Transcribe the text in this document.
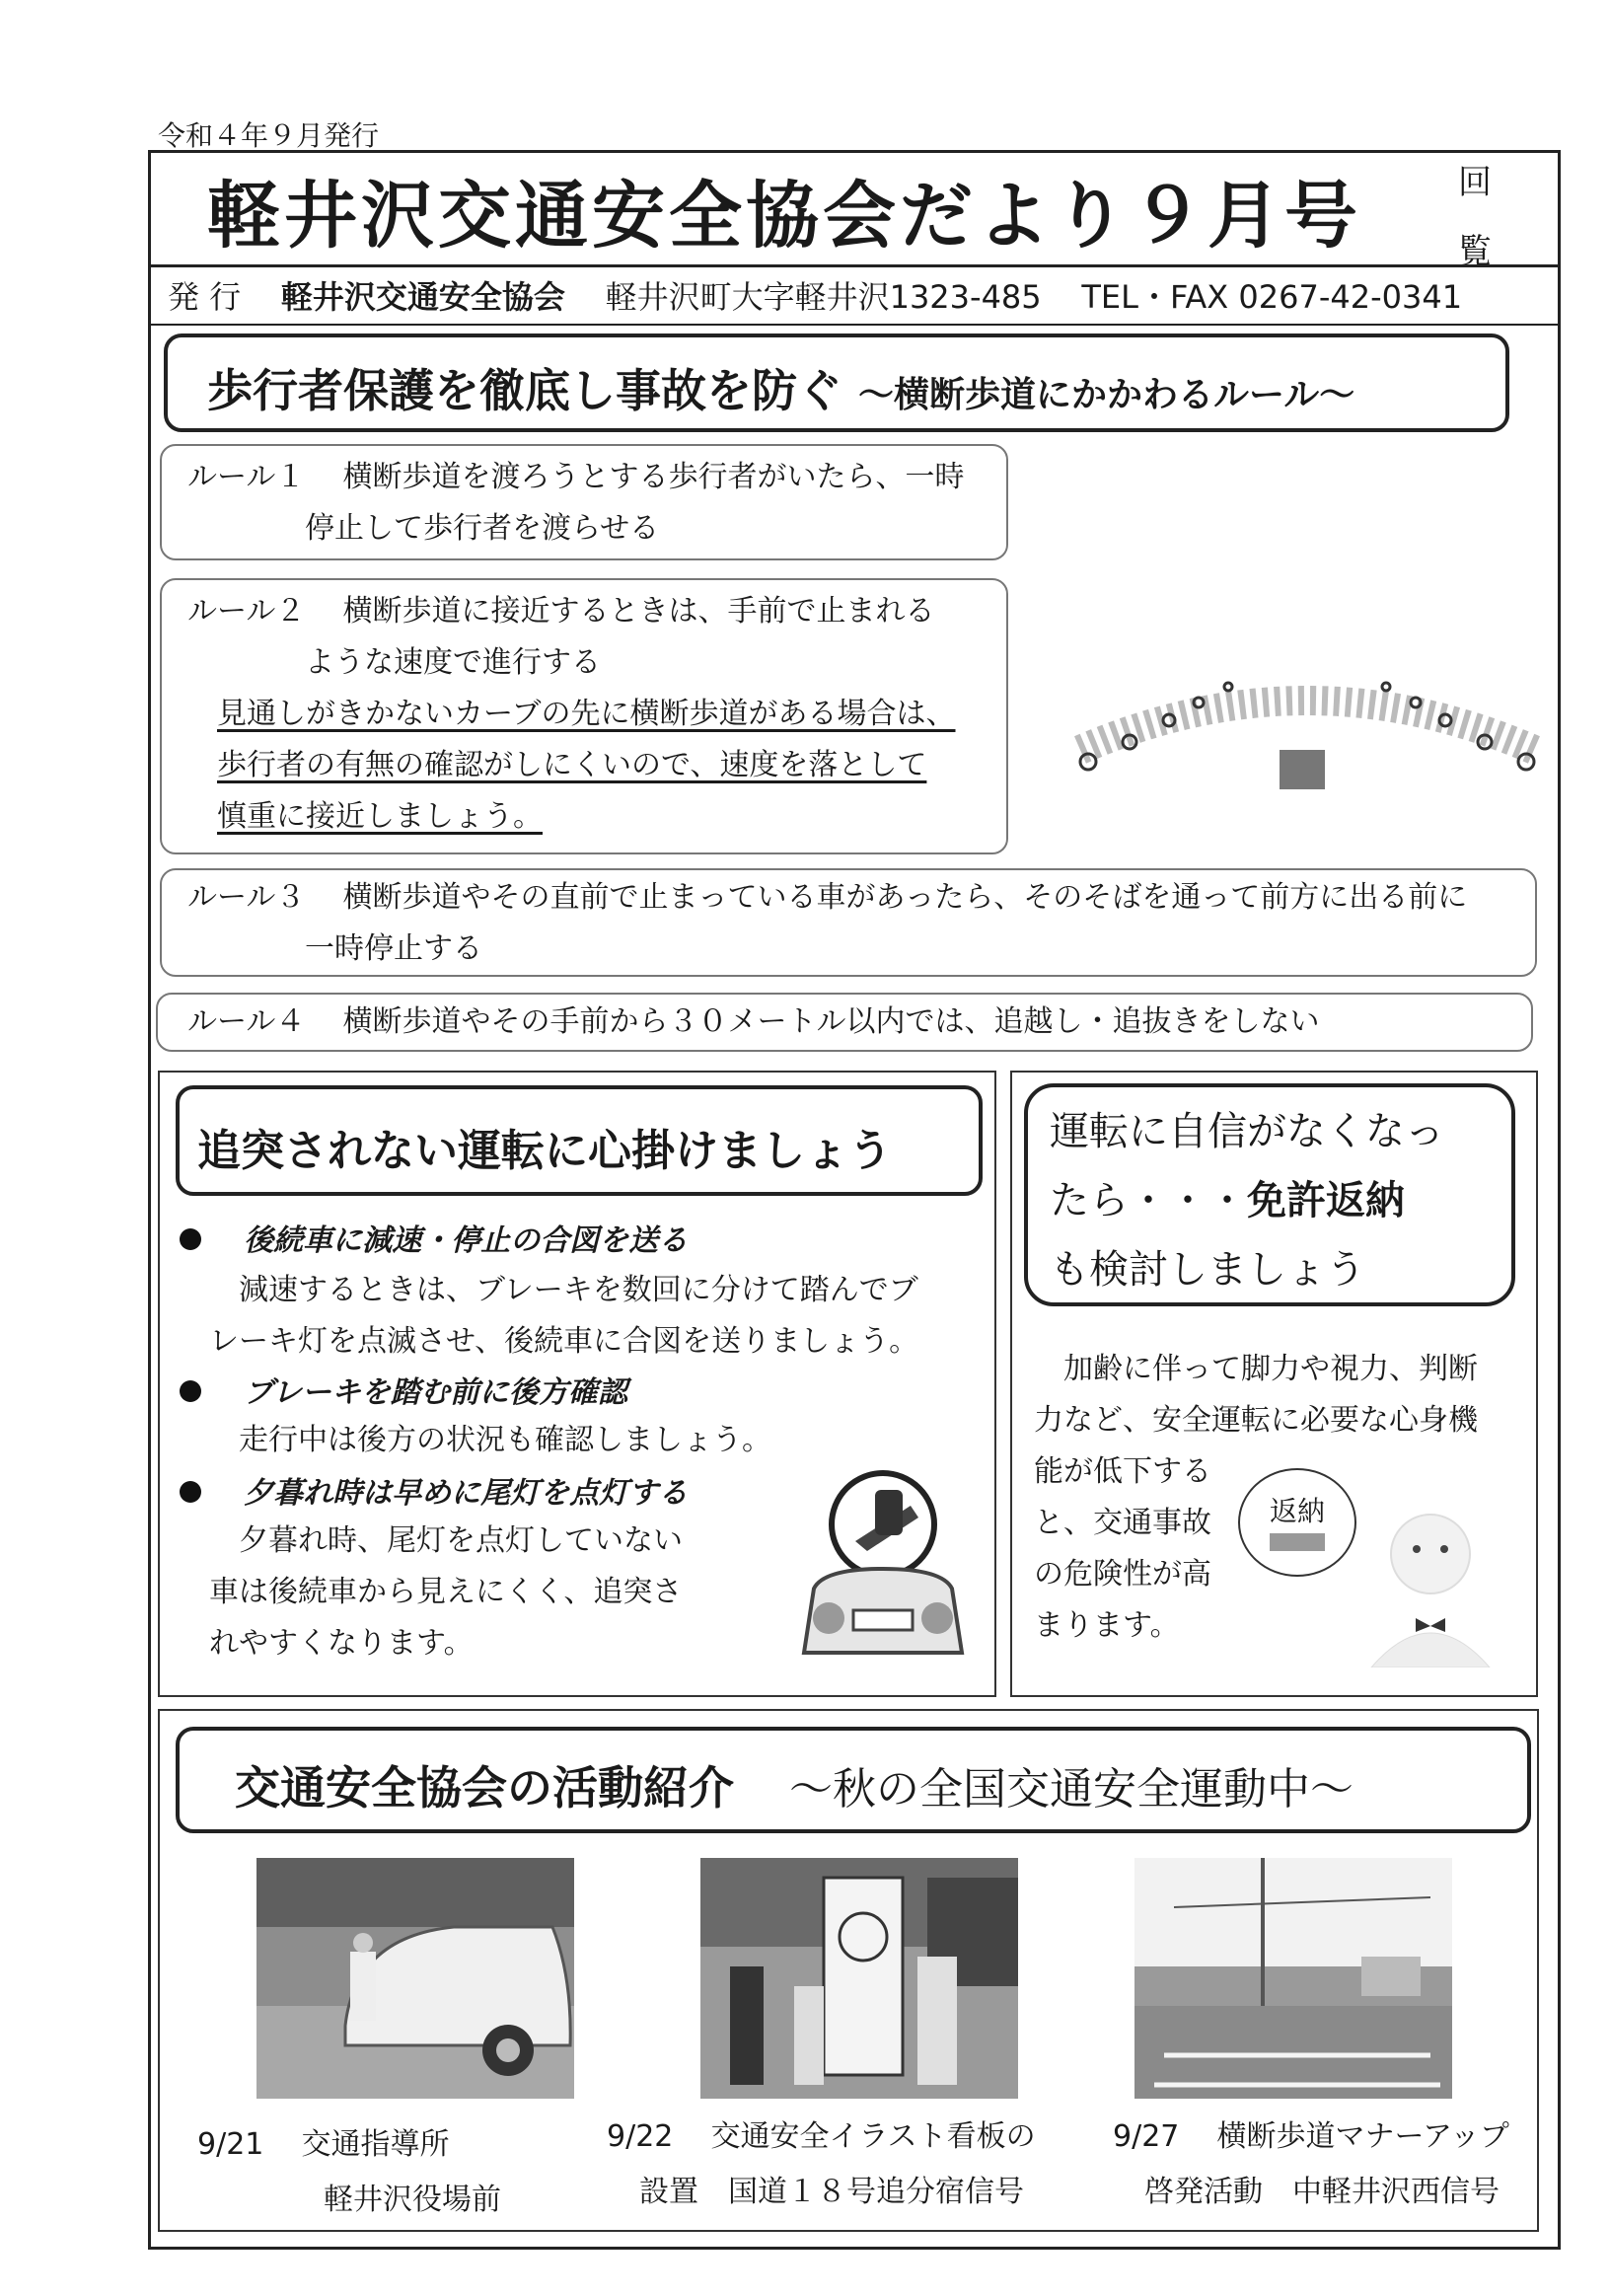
令和４年９月発行
軽井沢交通安全協会だより９月号	回覧
発 行 軽井沢交通安全協会 軽井沢町大字軽井沢1323-485 TEL・FAX 0267-42-0341
歩行者保護を徹底し事故を防ぐ ～横断歩道にかかわるルール～
ルール１ 横断歩道を渡ろうとする歩行者がいたら、一時
停止して歩行者を渡らせる
ルール２ 横断歩道に接近するときは、手前で止まれる
ような速度で進行する
見通しがきかないカーブの先に横断歩道がある場合は、
歩行者の有無の確認がしにくいので、速度を落として
慎重に接近しましょう。
ルール３ 横断歩道やその直前で止まっている車があったら、そのそばを通って前方に出る前に
一時停止する
ルール４ 横断歩道やその手前から３０メートル以内では、追越し・追抜きをしない
追突されない運転に心掛けましょう
後続車に減速・停止の合図を送る
減速するときは、ブレーキを数回に分けて踏んでブ
レーキ灯を点滅させ、後続車に合図を送りましょう。
ブレーキを踏む前に後方確認
走行中は後方の状況も確認しましょう。
夕暮れ時は早めに尾灯を点灯する
夕暮れ時、尾灯を点灯していない
車は後続車から見えにくく、追突さ
れやすくなります。
運転に自信がなくなっ
たら・・・免許返納
も検討しましょう
加齢に伴って脚力や視力、判断
力など、安全運転に必要な心身機
能が低下する
と、交通事故
の危険性が高
まります。
返納
交通安全協会の活動紹介 ～秋の全国交通安全運動中～
9/21 交通指導所
軽井沢役場前
9/22 交通安全イラスト看板の
設置　国道１８号追分宿信号
9/27 横断歩道マナーアップ
啓発活動　中軽井沢西信号
